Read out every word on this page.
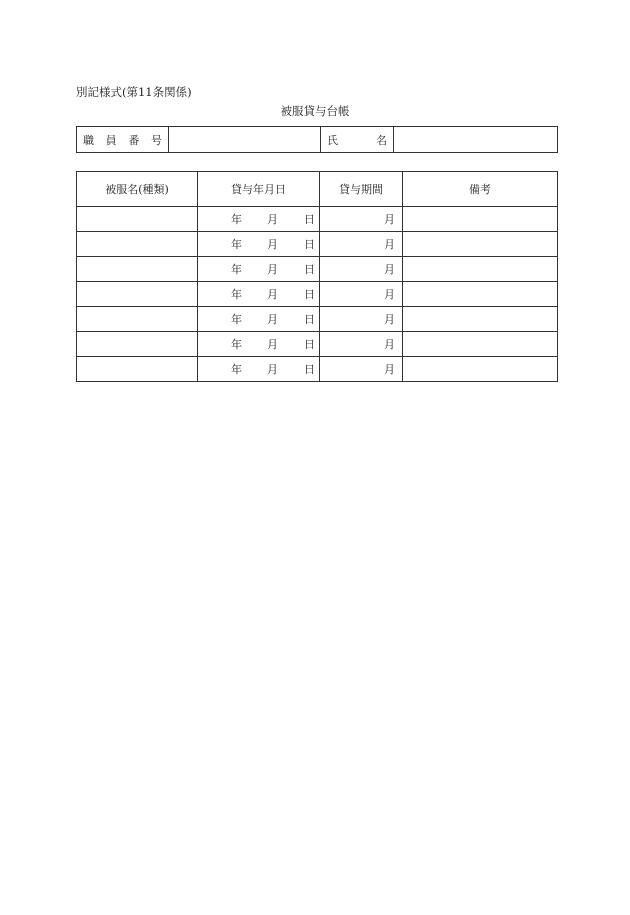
別記様式(第11条関係)
被服貸与台帳
職 員 番 号		氏	名

被服名(種類)	貸与年月日	貸与期間	備考

	年 月 日	月	

	年 月 日	月	

	年 月 日	月	

	年 月 日	月	

	年 月 日	月	

	年 月 日	月	

	年 月 日	月	
